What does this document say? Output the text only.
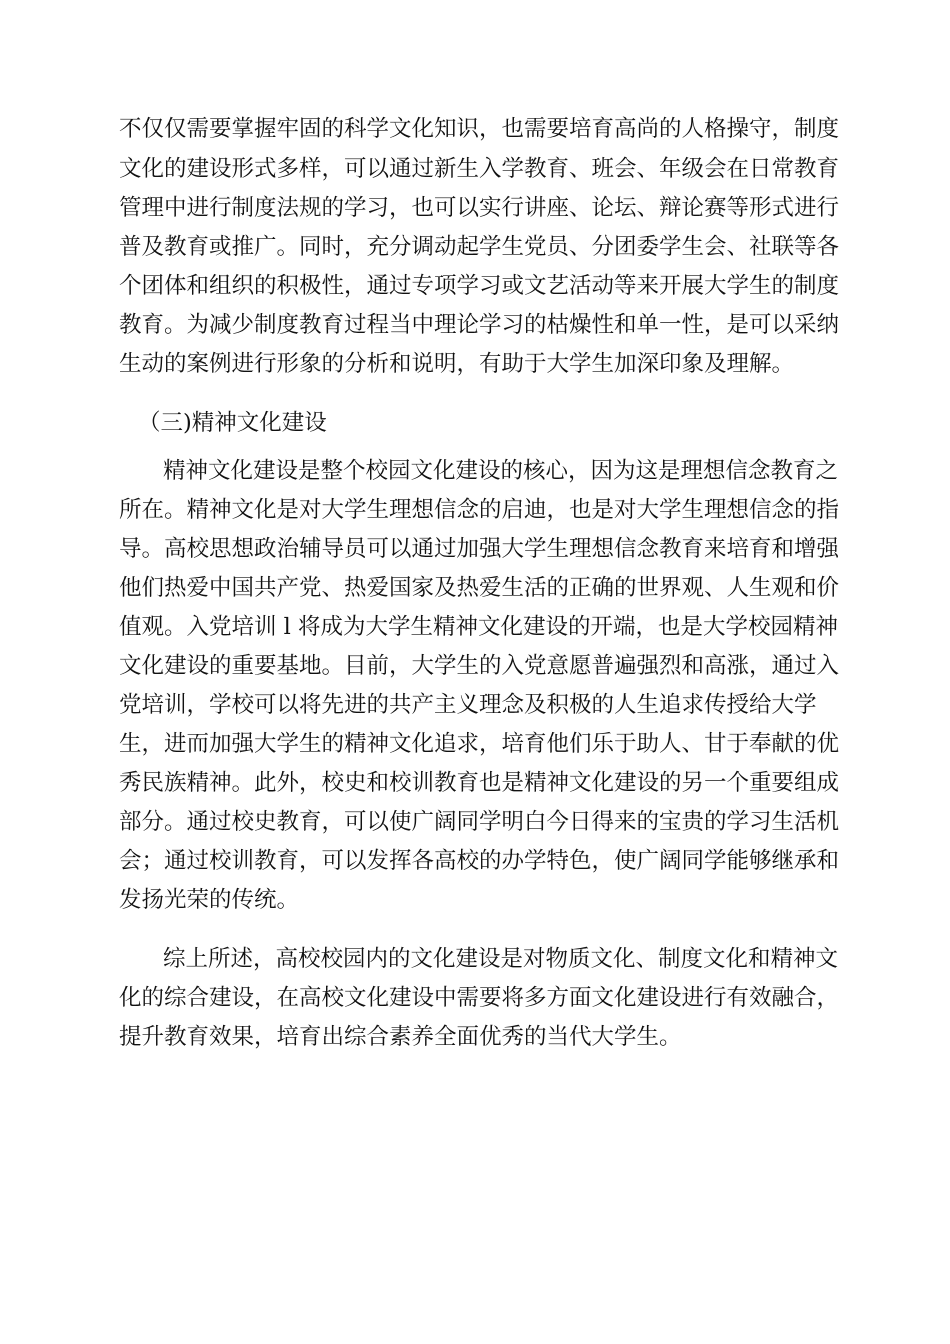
不仅仅需要掌握牢固的科学文化知识，也需要培育高尚的人格操守，制度

文化的建设形式多样，可以通过新生入学教育、班会、年级会在日常教育

管理中进行制度法规的学习，也可以实行讲座、论坛、辩论赛等形式进行

普及教育或推广。同时，充分调动起学生党员、分团委学生会、社联等各

个团体和组织的积极性，通过专项学习或文艺活动等来开展大学生的制度

教育。为减少制度教育过程当中理论学习的枯燥性和单一性，是可以采纳

生动的案例进行形象的分析和说明，有助于大学生加深印象及理解。

（三)精神文化建设

精神文化建设是整个校园文化建设的核心，因为这是理想信念教育之

所在。精神文化是对大学生理想信念的启迪，也是对大学生理想信念的指

导。高校思想政治辅导员可以通过加强大学生理想信念教育来培育和增强

他们热爱中国共产党、热爱国家及热爱生活的正确的世界观、人生观和价

值观。入党培训 l 将成为大学生精神文化建设的开端，也是大学校园精神

文化建设的重要基地。目前，大学生的入党意愿普遍强烈和高涨，通过入

党培训，学校可以将先进的共产主义理念及积极的人生追求传授给大学

生，进而加强大学生的精神文化追求，培育他们乐于助人、甘于奉献的优

秀民族精神。此外，校史和校训教育也是精神文化建设的另一个重要组成

部分。通过校史教育，可以使广阔同学明白今日得来的宝贵的学习生活机

会；通过校训教育，可以发挥各高校的办学特色，使广阔同学能够继承和

发扬光荣的传统。

综上所述，高校校园内的文化建设是对物质文化、制度文化和精神文

化的综合建设，在高校文化建设中需要将多方面文化建设进行有效融合，

提升教育效果，培育出综合素养全面优秀的当代大学生。
